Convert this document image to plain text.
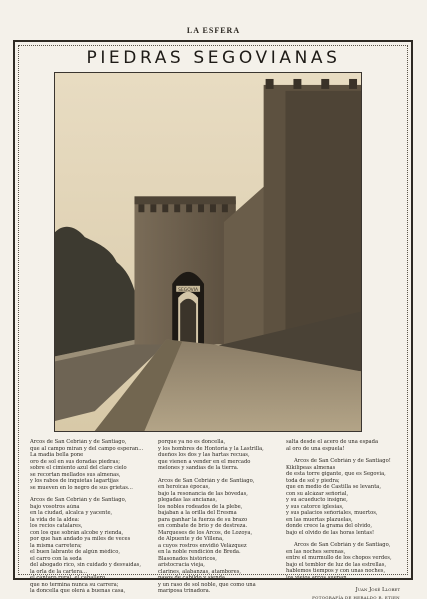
LA ESFERA
PIEDRAS SEGOVIANAS
SEGOVIA
Arcos de San Cebrián y de Santiago,
que al campo miran y del campo esperan...
La madia bella pone
oro de sol en sus doradas piedras;
sobre el cimiento azul del claro cielo
se recortan mellados sus almenas,
y los rabos de inquietas lagartijas
se mueven en lo negro de sus grietas...
Arcos de San Cebrián y de Santiago,
bajo vosotros aúna
en la ciudad, alcalca y yacente,
la vida de la aldea:
los recios catalares,
con los que sobrán alcobe y rienda,
por que han andado ya miles de veces
la misma carretera;
el buen labrante de algún médico,
el carro con la seda
del abogado rico, sin cuidado y desvaídas,
la orla de la cartera...
el cántaro rural, el caballero
que no termina nunca su carrera;
la doncella que olerá a buenas casa,
porque ya no es doncella,
y los hombres de Hontoria y la Lastrilla,
dueños los dos y las hartas recuas,
que vienen a vender en el mercado
melones y sandías de la tierra.
Arcos de San Cebrián y de Santiago,
en heroicas épocas,
bajo la resonancia de las bóvedas,
plegadas las ancianas,
los nobles rodeados de la plebe,
bajaban a la orilla del Eresma
para ganhar la fuerza de su brazo
en combate de brío y de destreza.
Marqueses de los Arcos, de Lozoya,
de Alpuente y de Villena,
a cuyos rostros envidió Velázquez
en la noble rendición de Breda.
Blasonados históricos,
aristocracia vieja,
clarines, alabanzas, atambores,
pasos de cabildo y sienda,
y un raso de sol noble, que como una
mariposa trinadora.
salta desde el acero de una espada
al oro de una espuela!
Arcos de San Cebrián y de Santiago!
Kikilípeas almenas
de esta torre gigante, que es Segovia,
toda de sol y piedra;
que en medio de Castilla se levanta,
con su alcázar señorial,
y su acueducto insigne,
y sus catorce iglesias,
y sus palacios señoriales, muertos,
en las muertas plazuelas,
donde crece la grama del olvido,
bajo el olvido de las horas lentas!
Arcos de San Cebrián y de Santiago,
en las noches serenas,
entre el murmullo de los chopos verdes,
bajo el temblor de luz de las estrellas,
hablemos tiempos y con unas noches,
los viejos arcos suenan...
Juan José Llobet
FOTOGRAFÍA DE HERALDO R. ETIEN
